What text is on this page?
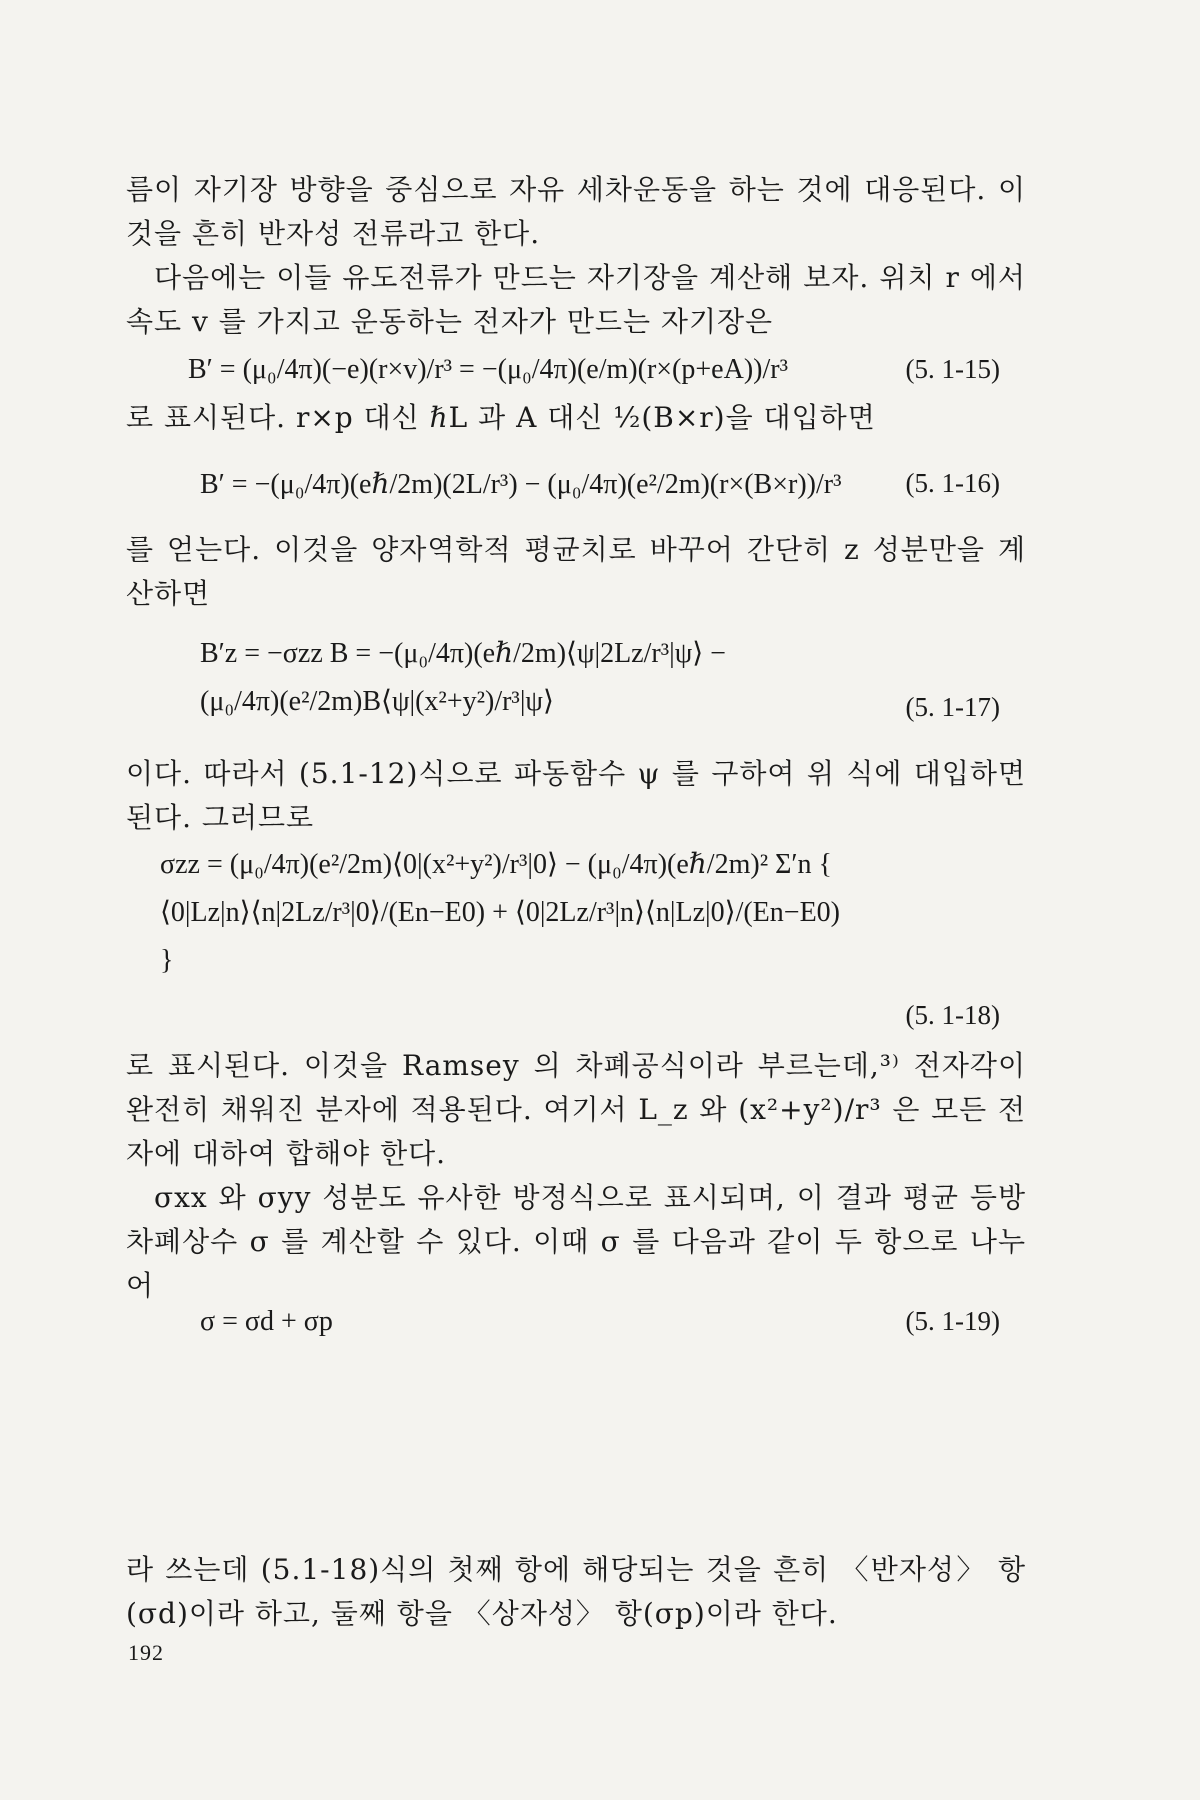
름이 자기장 방향을 중심으로 자유 세차운동을 하는 것에 대응된다. 이것을 흔히 반자성 전류라고 한다.
다음에는 이들 유도전류가 만드는 자기장을 계산해 보자. 위치 r 에서 속도 v 를 가지고 운동하는 전자가 만드는 자기장은
B′ = (μ₀/4π)(−e)(r×v)/r³ = −(μ₀/4π)(e/m)(r×(p+eA))/r³	(5. 1-15)
로 표시된다. r×p 대신 ℏL 과 A 대신 ½(B×r)을 대입하면
B′ = −(μ₀/4π)(eℏ/2m)(2L/r³) − (μ₀/4π)(e²/2m)(r×(B×r))/r³ (5. 1-16)
를 얻는다. 이것을 양자역학적 평균치로 바꾸어 간단히 z 성분만을 계산하면
B′z = −σzz B = −(μ₀/4π)(eℏ/2m)⟨ψ|2Lz/r³|ψ⟩ − (μ₀/4π)(e²/2m)B⟨ψ|(x²+y²)/r³|ψ⟩	(5. 1-17)
이다. 따라서 (5.1-12)식으로 파동함수 ψ 를 구하여 위 식에 대입하면 된다. 그러므로
σzz = (μ₀/4π)(e²/2m)⟨0|(x²+y²)/r³|0⟩ − (μ₀/4π)(eℏ/2m)² Σ′n { ⟨0|Lz|n⟩⟨n|2Lz/r³|0⟩/(En−E0) + ⟨0|2Lz/r³|n⟩⟨n|Lz|0⟩/(En−E0) }
(5. 1-18)
로 표시된다. 이것을 Ramsey 의 차폐공식이라 부르는데,³⁾ 전자각이 완전히 채워진 분자에 적용된다. 여기서 L_z 와 (x²+y²)/r³ 은 모든 전자에 대하여 합해야 한다.
σxx 와 σyy 성분도 유사한 방정식으로 표시되며, 이 결과 평균 등방 차폐상수 σ 를 계산할 수 있다. 이때 σ 를 다음과 같이 두 항으로 나누어
σ = σd + σp	(5. 1-19)
라 쓰는데 (5.1-18)식의 첫째 항에 해당되는 것을 흔히 〈반자성〉 항 (σd)이라 하고, 둘째 항을 〈상자성〉 항(σp)이라 한다.
192
